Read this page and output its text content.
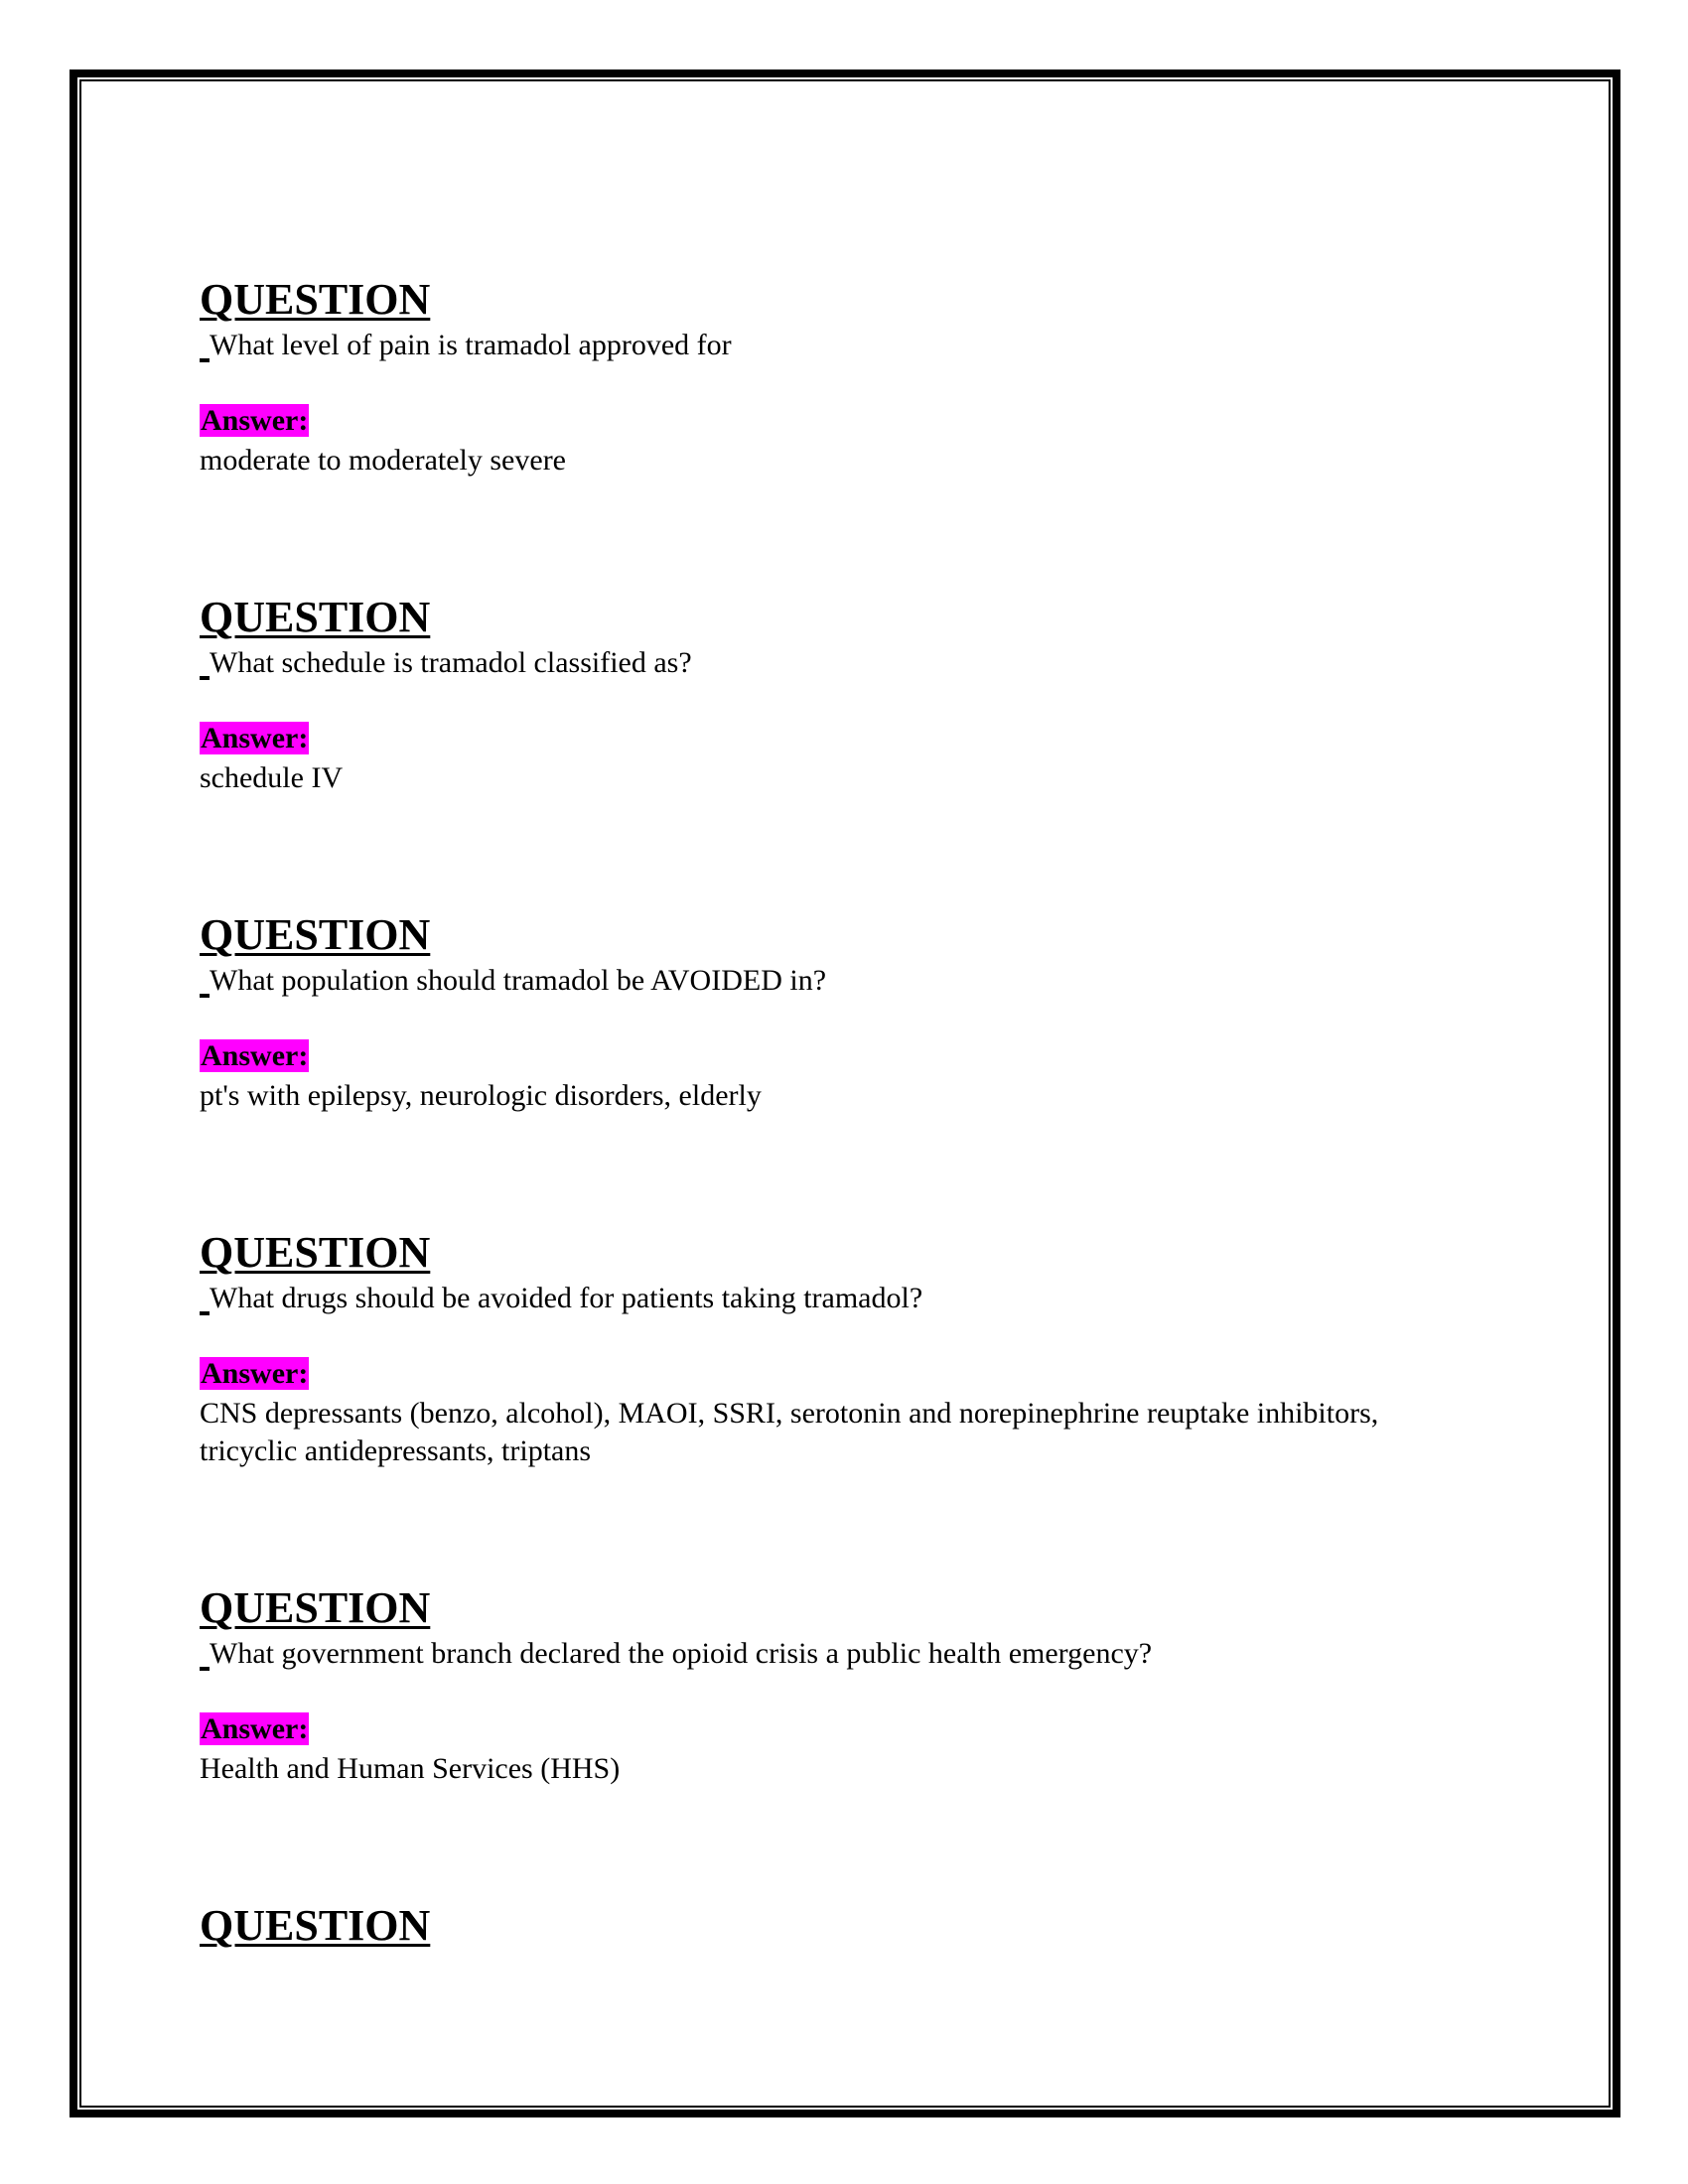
QUESTION
What level of pain is tramadol approved for
Answer:
moderate to moderately severe
QUESTION
What schedule is tramadol classified as?
Answer:
schedule IV
QUESTION
What population should tramadol be AVOIDED in?
Answer:
pt's with epilepsy, neurologic disorders, elderly
QUESTION
What drugs should be avoided for patients taking tramadol?
Answer:
CNS depressants (benzo, alcohol), MAOI, SSRI, serotonin and norepinephrine reuptake inhibitors, tricyclic antidepressants, triptans
QUESTION
What government branch declared the opioid crisis a public health emergency?
Answer:
Health and Human Services (HHS)
QUESTION
